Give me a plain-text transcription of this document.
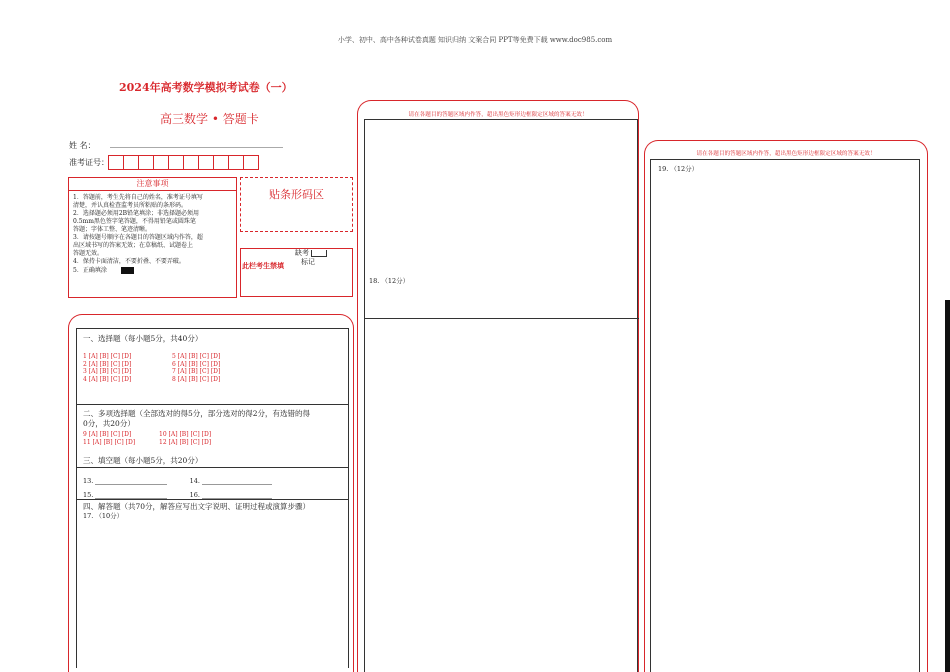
小学、初中、高中各种试卷真题 知识归纳 文案合同 PPT等免费下载 www.doc985.com
2024年高考数学模拟考试卷（一）
高三数学 • 答题卡
姓 名：
准考证号：
注意事项
1．答题前，考生先将自己的姓名，准考证号填写
清楚，并认真检查监考员所粘贴的条形码。
2．选择题必须用2B铅笔填涂；非选择题必须用
0.5mm黑色签字笔答题，不得用铅笔或圆珠笔
答题；字体工整、笔迹清晰。
3．请按题号顺序在各题目的答题区域内作答，超
出区域书写的答案无效；在草稿纸、试题卷上
答题无效。
4．保持卡面清洁，不要折叠、不要弄破。
5．正确填涂
贴条形码区
此栏考生禁填
缺考
标记
一、选择题（每小题5分，共40分）
1 [A] [B] [C] [D]
2 [A] [B] [C] [D]
3 [A] [B] [C] [D]
4 [A] [B] [C] [D]
5 [A] [B] [C] [D]
6 [A] [B] [C] [D]
7 [A] [B] [C] [D]
8 [A] [B] [C] [D]
二、多项选择题（全部选对的得5分，部分选对的得2分，有选错的得
0分，共20分）
9 [A] [B] [C] [D]
11 [A] [B] [C] [D]
10 [A] [B] [C] [D]
12 [A] [B] [C] [D]
三、填空题（每小题5分，共20分）
13.	14.
15.	16.
四、解答题（共70分，解答应写出文字说明、证明过程或演算步骤）
17. （10分）
请在各题目的答题区域内作答，超出黑色矩形边框限定区域的答案无效！
18. （12分）
请在各题目的答题区域内作答，超出黑色矩形边框限定区域的答案无效！
19. （12分）
